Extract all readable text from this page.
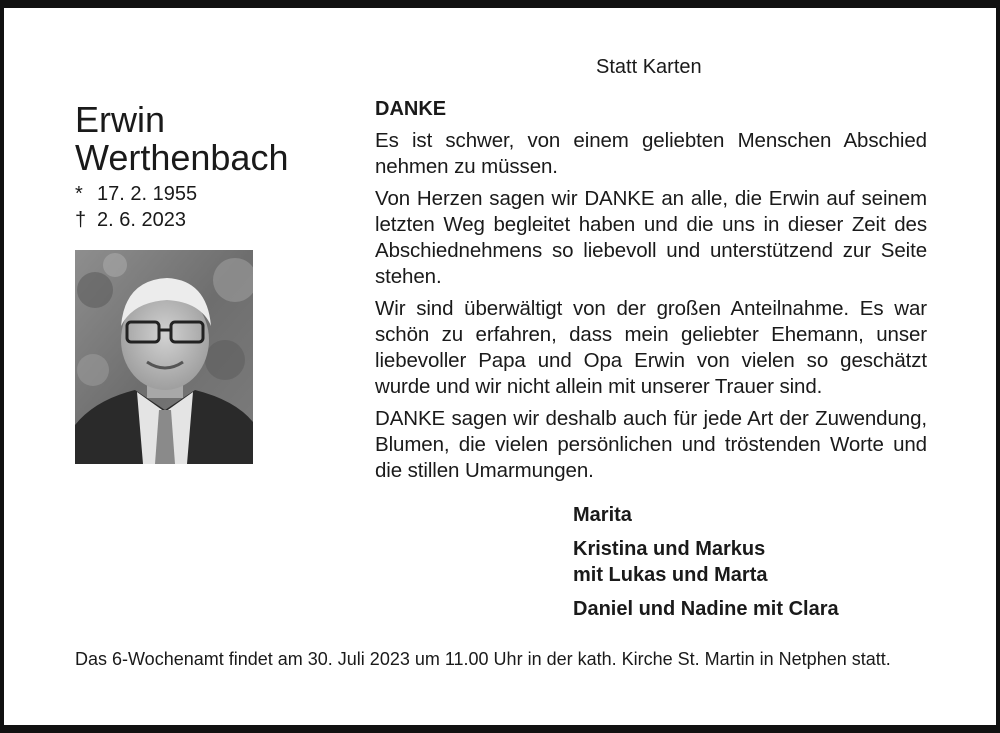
Statt Karten
Erwin
Werthenbach
* 17. 2. 1955
† 2. 6. 2023
DANKE

Es ist schwer, von einem geliebten Menschen Abschied nehmen zu müssen.

Von Herzen sagen wir DANKE an alle, die Erwin auf seinem letzten Weg begleitet haben und die uns in dieser Zeit des Abschiednehmens so liebevoll und unterstützend zur Seite stehen.

Wir sind überwältigt von der großen Anteilnahme. Es war schön zu erfahren, dass mein geliebter Ehemann, unser liebevoller Papa und Opa Erwin von vielen so geschätzt wurde und wir nicht allein mit unserer Trauer sind.

DANKE sagen wir deshalb auch für jede Art der Zuwendung, Blumen, die vielen persönlichen und tröstenden Worte und die stillen Umarmungen.

Marita
Kristina und Markus
mit Lukas und Marta
Daniel und Nadine mit Clara
Das 6-Wochenamt findet am 30. Juli 2023 um 11.00 Uhr in der kath. Kirche St. Martin in Netphen statt.
